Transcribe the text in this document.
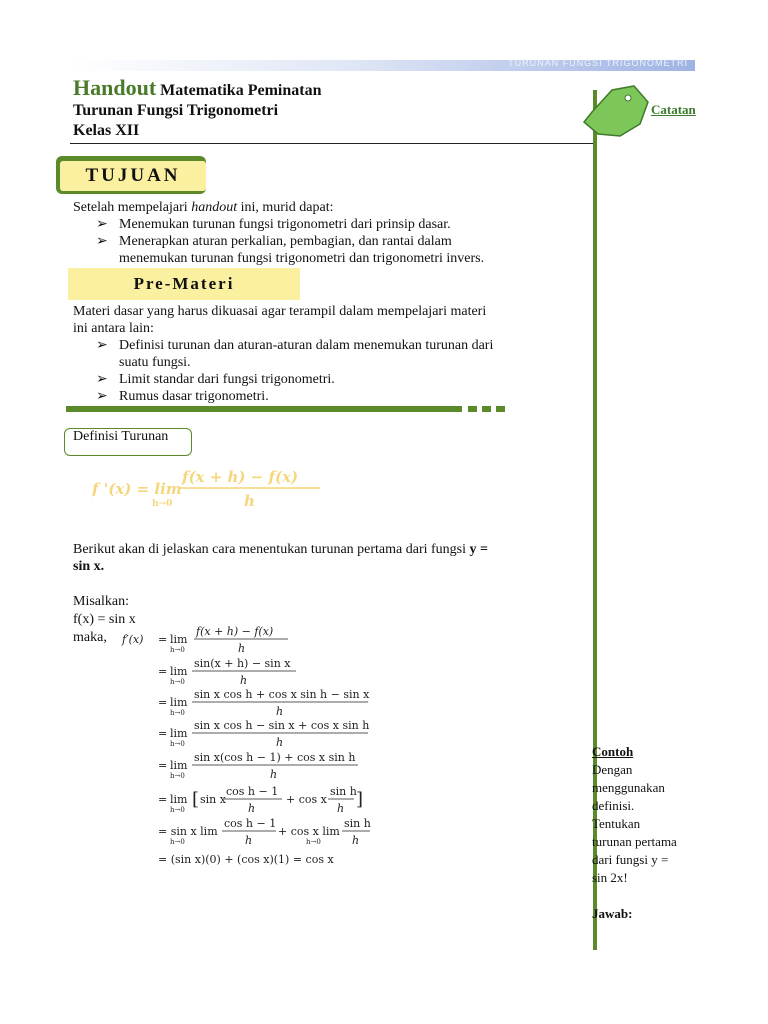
TURUNAN FUNGSI TRIGONOMETRI
Handout Matematika Peminatan
Turunan Fungsi Trigonometri
Kelas XII
Catatan
TUJUAN
Setelah mempelajari handout ini, murid dapat:
➢ Menemukan turunan fungsi trigonometri dari prinsip dasar.
➢ Menerapkan aturan perkalian, pembagian, dan rantai dalam
menemukan turunan fungsi trigonometri dan trigonometri invers.
Pre-Materi
Materi dasar yang harus dikuasai agar terampil dalam mempelajari materi
ini antara lain:
➢ Definisi turunan dan aturan-aturan dalam menemukan turunan dari
suatu fungsi.
➢ Limit standar dari fungsi trigonometri.
➢ Rumus dasar trigonometri.
Definisi Turunan
f '(x) = lim
h→0
f(x + h) − f(x)
h
Berikut akan di jelaskan cara menentukan turunan pertama dari fungsi y =
sin x.
Misalkan:
f(x) = sin x
maka, f′(x) = lim
h→0
f(x + h) − f(x)
h
= lim
h→0
sin(x + h) − sin x
h
= lim
h→0
sin x cos h + cos x sin h − sin x
h
= lim
h→0
sin x cos h − sin x + cos x sin h
h
= lim
h→0
sin x(cos h − 1) + cos x sin h
h
= lim
h→0 [ sin x
cos h − 1
h
+ cos x
sin h
h ]
= sin x lim
h→0
cos h − 1
h
+ cos x lim
h→0
sin h
h
= (sin x)(0) + (cos x)(1) = cos x
Contoh
Dengan
menggunakan
definisi.
Tentukan
turunan pertama
dari fungsi y =
sin 2x!
Jawab:
